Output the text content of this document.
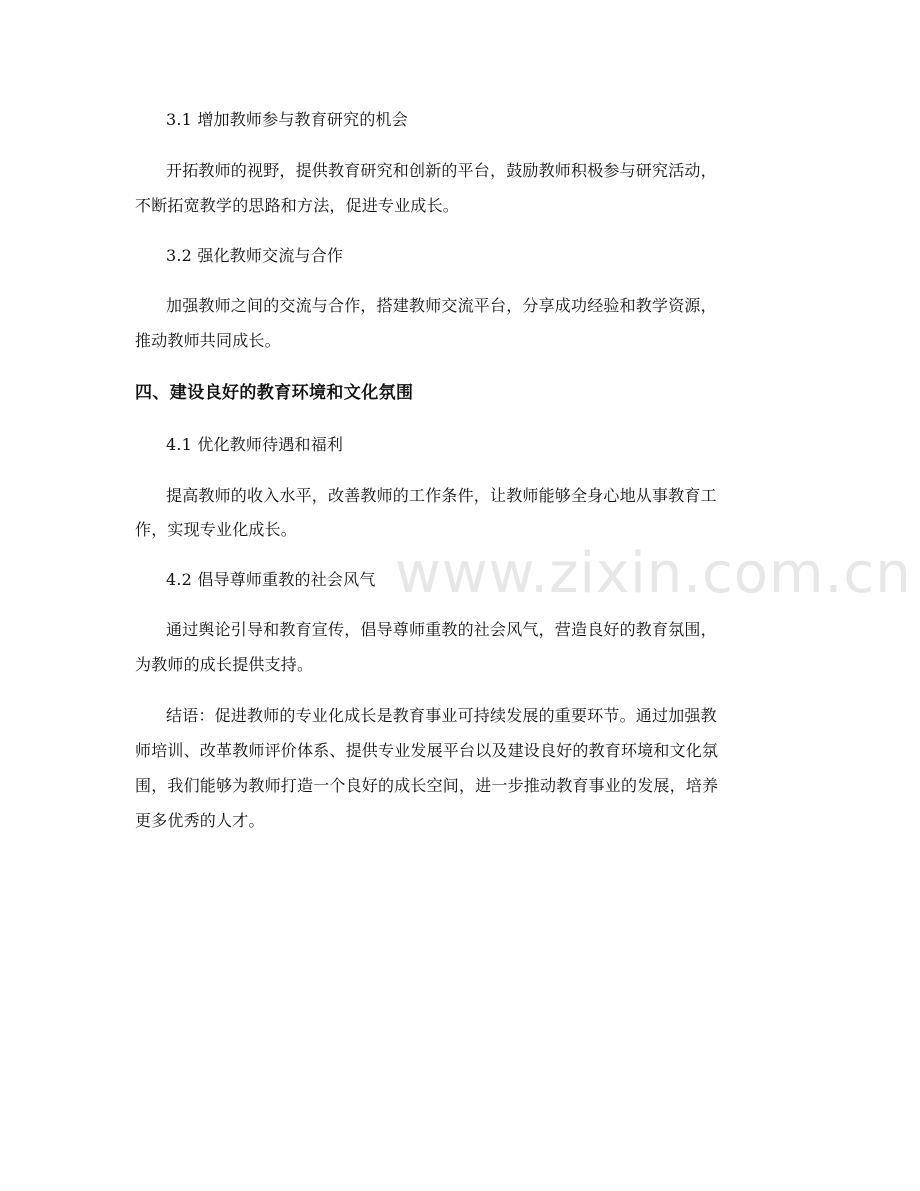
3.1 增加教师参与教育研究的机会
开拓教师的视野，提供教育研究和创新的平台，鼓励教师积极参与研究活动，
不断拓宽教学的思路和方法，促进专业成长。
3.2 强化教师交流与合作
加强教师之间的交流与合作，搭建教师交流平台，分享成功经验和教学资源，
推动教师共同成长。
四、建设良好的教育环境和文化氛围
4.1 优化教师待遇和福利
提高教师的收入水平，改善教师的工作条件，让教师能够全身心地从事教育工
作，实现专业化成长。
4.2 倡导尊师重教的社会风气
通过舆论引导和教育宣传，倡导尊师重教的社会风气，营造良好的教育氛围，
为教师的成长提供支持。
结语：促进教师的专业化成长是教育事业可持续发展的重要环节。通过加强教
师培训、改革教师评价体系、提供专业发展平台以及建设良好的教育环境和文化氛
围，我们能够为教师打造一个良好的成长空间，进一步推动教育事业的发展，培养
更多优秀的人才。
www.zixin.com.cn
